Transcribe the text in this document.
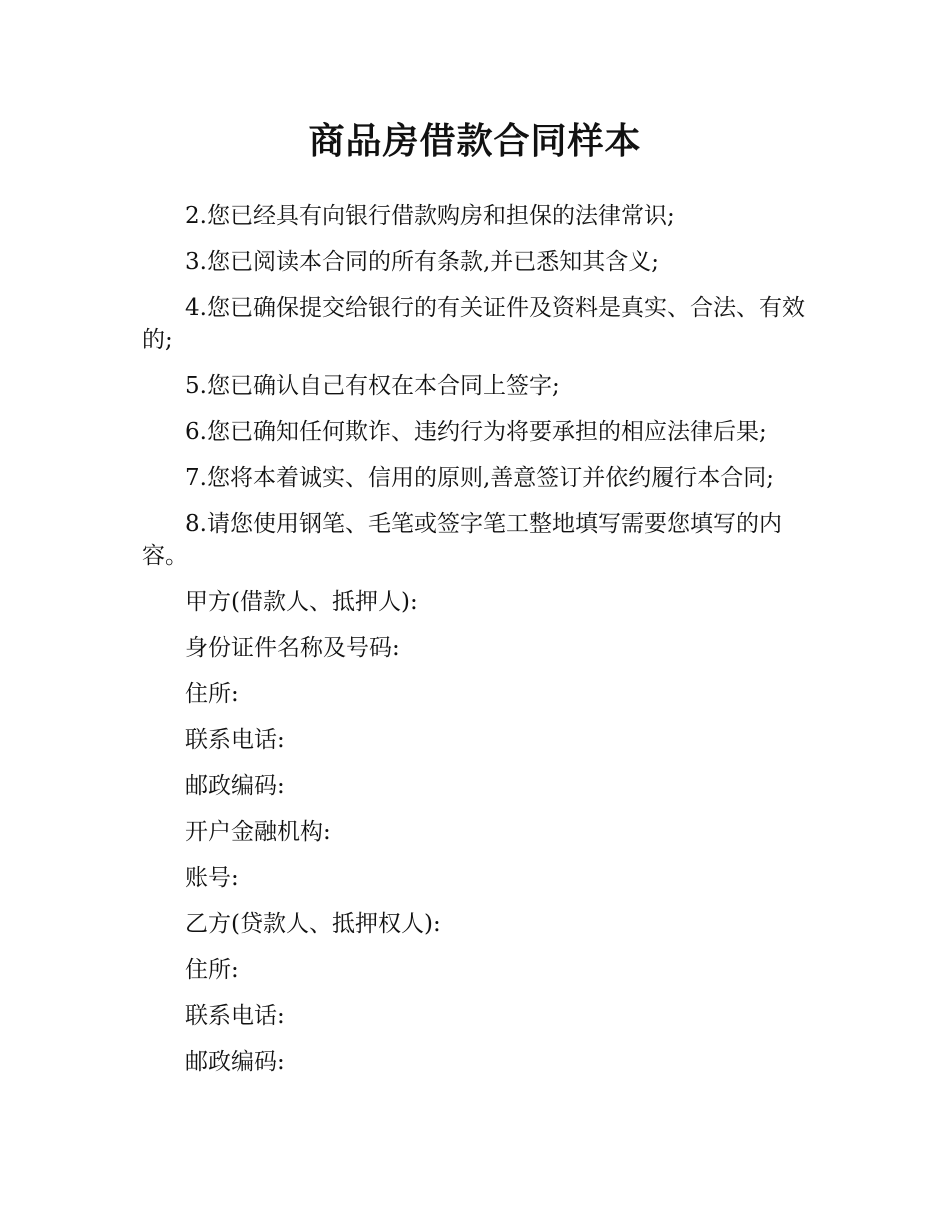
商品房借款合同样本

2.您已经具有向银行借款购房和担保的法律常识;

3.您已阅读本合同的所有条款,并已悉知其含义;

4.您已确保提交给银行的有关证件及资料是真实、合法、有效的;

5.您已确认自己有权在本合同上签字;

6.您已确知任何欺诈、违约行为将要承担的相应法律后果;

7.您将本着诚实、信用的原则,善意签订并依约履行本合同;

8.请您使用钢笔、毛笔或签字笔工整地填写需要您填写的内容。

甲方(借款人、抵押人):

身份证件名称及号码:

住所:

联系电话:

邮政编码:

开户金融机构:

账号:

乙方(贷款人、抵押权人):

住所:

联系电话:

邮政编码:
